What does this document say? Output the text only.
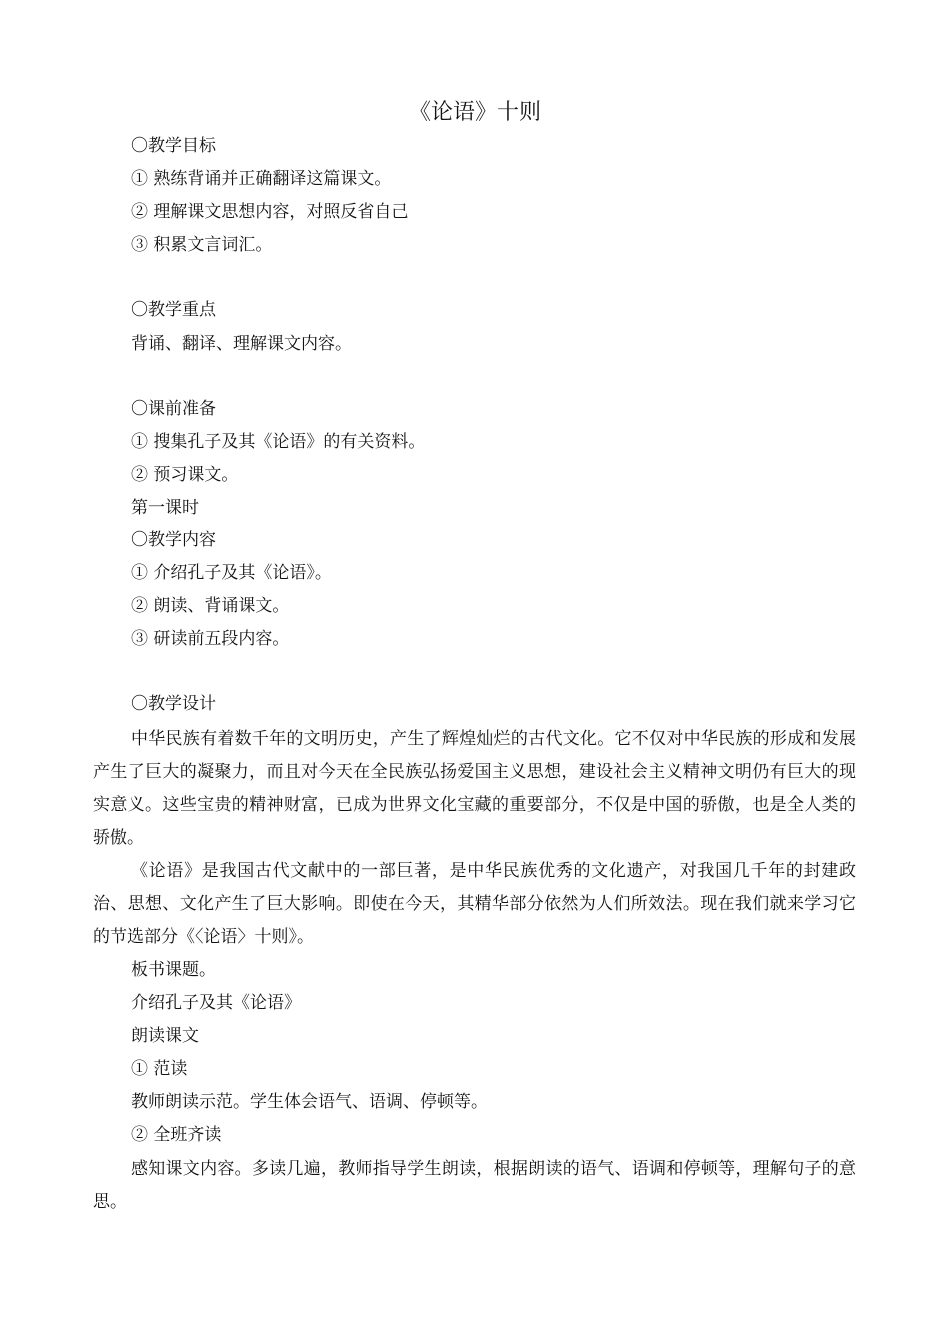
《论语》十则
〇教学目标
① 熟练背诵并正确翻译这篇课文。
② 理解课文思想内容，对照反省自己
③ 积累文言词汇。
〇教学重点
背诵、翻译、理解课文内容。
〇课前准备
① 搜集孔子及其《论语》的有关资料。
② 预习课文。
第一课时
〇教学内容
① 介绍孔子及其《论语》。
② 朗读、背诵课文。
③ 研读前五段内容。
〇教学设计
中华民族有着数千年的文明历史，产生了辉煌灿烂的古代文化。它不仅对中华民族的形成和发展产生了巨大的凝聚力，而且对今天在全民族弘扬爱国主义思想，建设社会主义精神文明仍有巨大的现实意义。这些宝贵的精神财富，已成为世界文化宝藏的重要部分，不仅是中国的骄傲，也是全人类的骄傲。
《论语》是我国古代文献中的一部巨著，是中华民族优秀的文化遗产，对我国几千年的封建政治、思想、文化产生了巨大影响。即使在今天，其精华部分依然为人们所效法。现在我们就来学习它的节选部分《〈论语〉十则》。
板书课题。
介绍孔子及其《论语》
朗读课文
① 范读
教师朗读示范。学生体会语气、语调、停顿等。
② 全班齐读
感知课文内容。多读几遍，教师指导学生朗读，根据朗读的语气、语调和停顿等，理解句子的意思。
